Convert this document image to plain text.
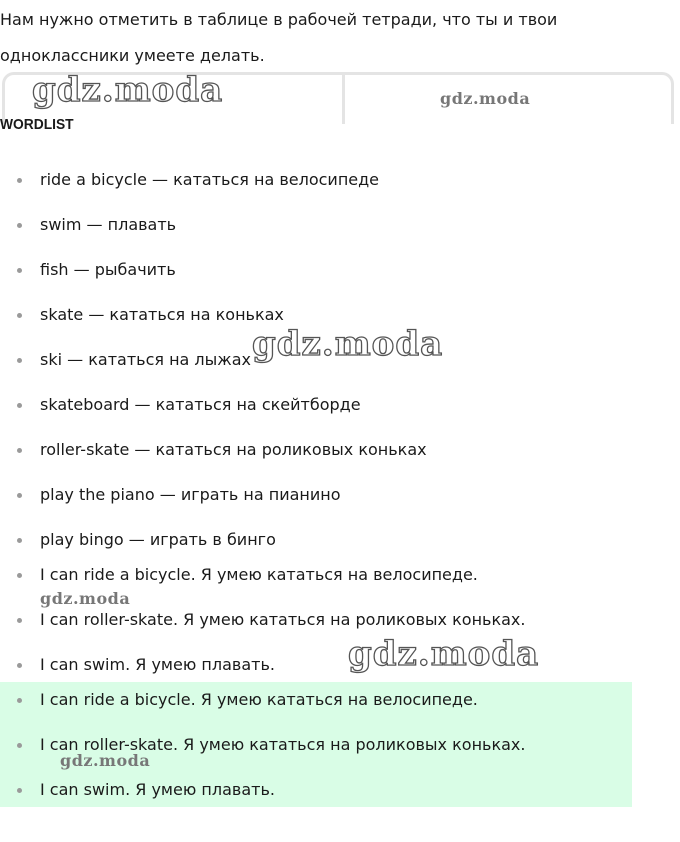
Нам нужно отметить в таблице в рабочей тетради, что ты и твои одноклассники умеете делать.

gdz.moda	gdz.moda
WORDLIST
ride a bicycle — кататься на велосипеде
swim — плавать
fish — рыбачить
skate — кататься на коньках
ski — кататься на лыжах
skateboard — кататься на скейтборде
roller-skate — кататься на роликовых коньках
play the piano — играть на пианино
play bingo — играть в бинго
I can ride a bicycle. Я умею кататься на велосипеде.
I can roller-skate. Я умею кататься на роликовых коньках.
I can swim. Я умею плавать.
I can ride a bicycle. Я умею кататься на велосипеде.
I can roller-skate. Я умею кататься на роликовых коньках.
I can swim. Я умею плавать.
gdz.moda
gdz.moda
gdz.moda
gdz.moda
